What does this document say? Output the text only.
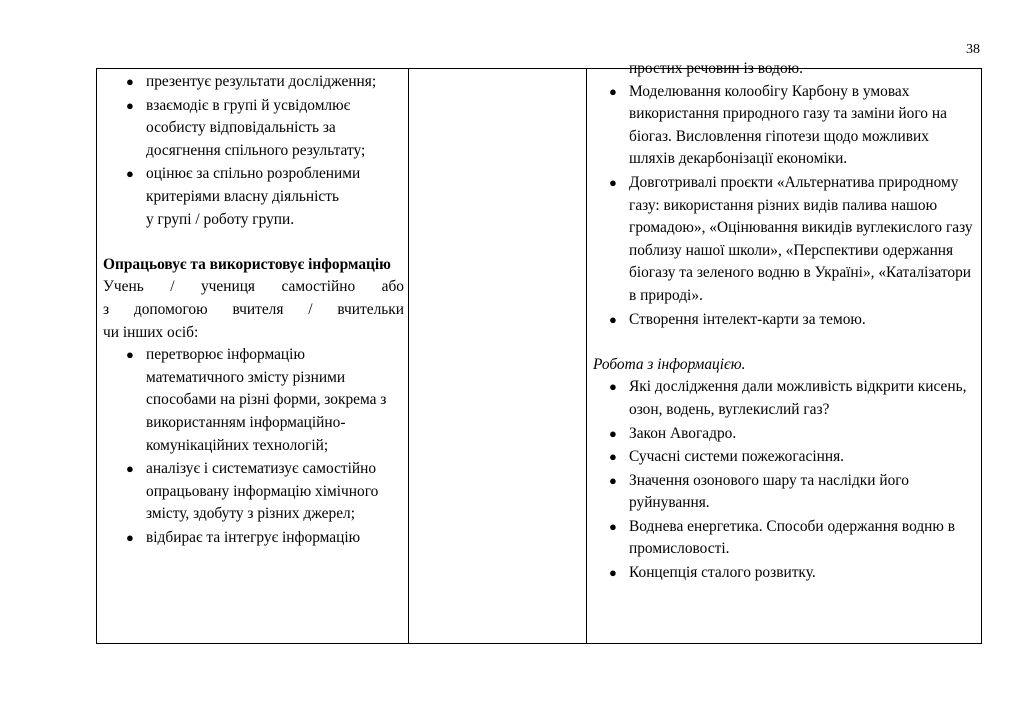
38
● презентує результати дослідження;
● взаємодіє в групі й усвідомлює особисту відповідальність за досягнення спільного результату;
● оцінює за спільно розробленими
критеріями власну діяльність
у групі / роботу групи.
Опрацьовує та використовує інформацію
Учень / учениця самостійно або
з допомогою вчителя / вчительки
чи інших осіб:
● перетворює інформацію математичного змісту різними способами на різні форми, зокрема з використанням інформаційно-комунікаційних технологій;
● аналізує і систематизує самостійно опрацьовану інформацію хімічного змісту, здобуту з різних джерел;
● відбирає та інтегрує інформацію

простих речовин із водою.
● Моделювання колообігу Карбону в умовах використання природного газу та заміни його на біогаз. Висловлення гіпотези щодо можливих шляхів декарбонізації економіки.
● Довготривалі проєкти «Альтернатива природному газу: використання різних видів палива нашою громадою», «Оцінювання викидів вуглекислого газу поблизу нашої школи», «Перспективи одержання біогазу та зеленого водню в Україні», «Каталізатори в природі».
● Створення інтелект-карти за темою.
Робота з інформацією.
● Які дослідження дали можливість відкрити кисень, озон, водень, вуглекислий газ?
● Закон Авогадро.
● Сучасні системи пожежогасіння.
● Значення озонового шару та наслідки його руйнування.
● Воднева енергетика. Способи одержання водню в промисловості.
● Концепція сталого розвитку.
